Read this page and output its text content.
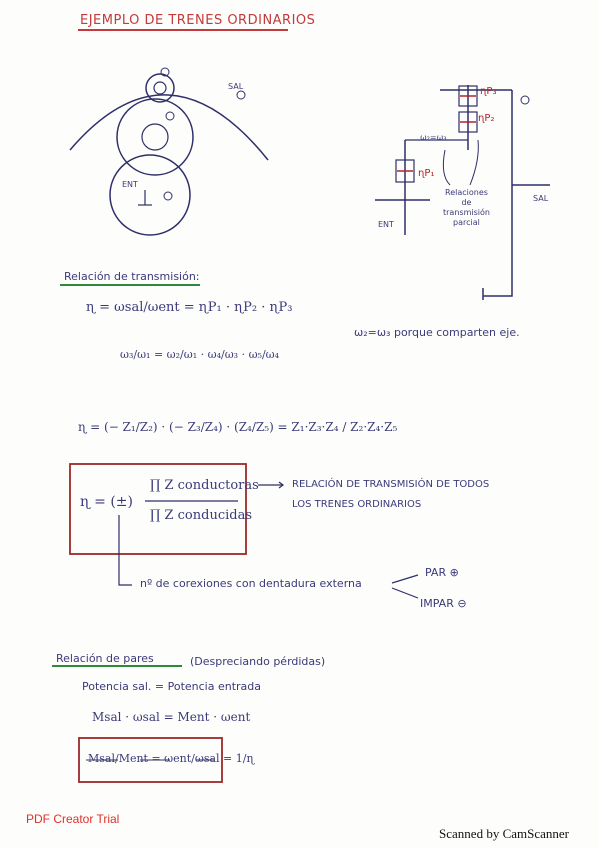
EJEMPLO DE TRENES ORDINARIOS
SAL
ENT
ω₂=ω₃
ɳP₃
ɳP₂
ɳP₁
Relaciones
de
transmisión
parcial
ENT
SAL
Relación de transmisión:
ɳ = ωsal/ωent = ɳP₁ · ɳP₂ · ɳP₃
ω₃/ω₁ = ω₂/ω₁ · ω₄/ω₃ · ω₅/ω₄
ω₂=ω₃ porque comparten eje.
ɳ = (− Z₁/Z₂) · (− Z₃/Z₄) · (Z₄/Z₅) = Z₁·Z₃·Z₄ / Z₂·Z₄·Z₅
ɳ = (±)
∏ Z conductoras
∏ Z conducidas
RELACIÓN DE TRANSMISIÓN DE TODOS
LOS TRENES ORDINARIOS
nº de corexiones con dentadura externa
PAR ⊕
IMPAR ⊖
Relación de pares	(Despreciando pérdidas)
Potencia sal. = Potencia entrada
Msal · ωsal = Ment · ωent
Msal/Ment = ωent/ωsal = 1/ɳ
PDF Creator Trial
Scanned by CamScanner
